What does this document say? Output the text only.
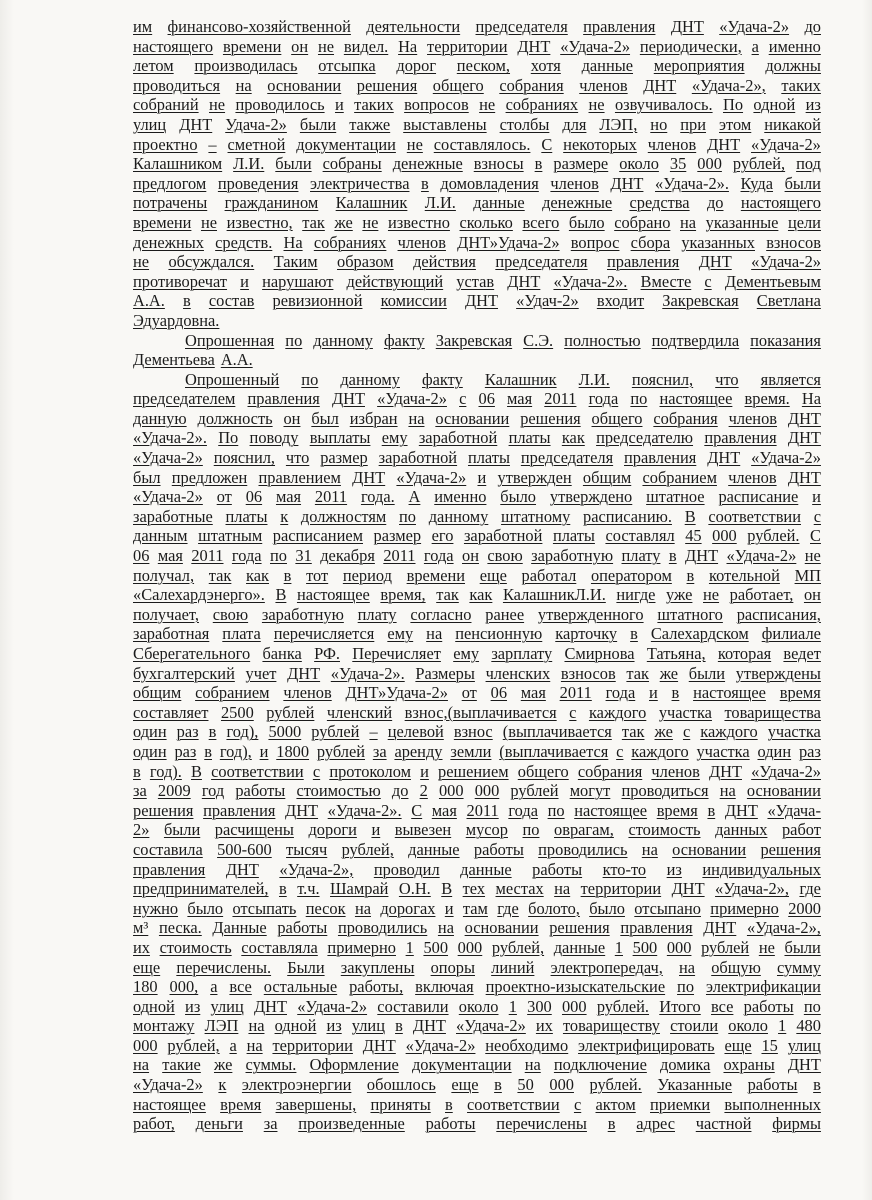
им финансово-хозяйственной деятельности председателя правления ДНТ «Удача-2» до
настоящего времени он не видел. На территории ДНТ «Удача-2» периодически, а именно
летом производилась отсыпка дорог песком, хотя данные мероприятия должны
проводиться на основании решения общего собрания членов ДНТ «Удача-2», таких
собраний не проводилось и таких вопросов не собраниях не озвучивалось. По одной из
улиц ДНТ Удача-2» были также выставлены столбы для ЛЭП, но при этом никакой
проектно – сметной документации не составлялось. С некоторых членов ДНТ «Удача-2»
Калашником Л.И. были собраны денежные взносы в размере около 35 000 рублей, под
предлогом проведения электричества в домовладения членов ДНТ «Удача-2». Куда были
потрачены гражданином Калашник Л.И. данные денежные средства до настоящего
времени не известно, так же не известно сколько всего было собрано на указанные цели
денежных средств. На собраниях членов ДНТ»Удача-2» вопрос сбора указанных взносов
не обсуждался. Таким образом действия председателя правления ДНТ «Удача-2»
противоречат и нарушают действующий устав ДНТ «Удача-2». Вместе с Дементьевым
А.А. в состав ревизионной комиссии ДНТ «Удач-2» входит Закревская Светлана
Эдуардовна.
Опрошенная по данному факту Закревская С.Э. полностью подтвердила показания
Дементьева А.А.
Опрошенный по данному факту Калашник Л.И. пояснил, что является
председателем правления ДНТ «Удача-2» с 06 мая 2011 года по настоящее время. На
данную должность он был избран на основании решения общего собрания членов ДНТ
«Удача-2». По поводу выплаты ему заработной платы как председателю правления ДНТ
«Удача-2» пояснил, что размер заработной платы председателя правления ДНТ «Удача-2»
был предложен правлением ДНТ «Удача-2» и утвержден общим собранием членов ДНТ
«Удача-2» от 06 мая 2011 года. А именно было утверждено штатное расписание и
заработные платы к должностям по данному штатному расписанию. В соответствии с
данным штатным расписанием размер его заработной платы составлял 45 000 рублей. С
06 мая 2011 года по 31 декабря 2011 года он свою заработную плату в ДНТ «Удача-2» не
получал, так как в тот период времени еще работал оператором в котельной МП
«Салехардэнерго». В настоящее время, так как КалашникЛ.И. нигде уже не работает, он
получает, свою заработную плату согласно ранее утвержденного штатного расписания,
заработная плата перечисляется ему на пенсионную карточку в Салехардском филиале
Сберегательного банка РФ. Перечисляет ему зарплату Смирнова Татьяна, которая ведет
бухгалтерский учет ДНТ «Удача-2». Размеры членских взносов так же были утверждены
общим собранием членов ДНТ»Удача-2» от 06 мая 2011 года и в настоящее время
составляет 2500 рублей членский взнос,(выплачивается с каждого участка товарищества
один раз в год), 5000 рублей – целевой взнос (выплачивается так же с каждого участка
один раз в год), и 1800 рублей за аренду земли (выплачивается с каждого участка один раз
в год). В соответствии с протоколом и решением общего собрания членов ДНТ «Удача-2»
за 2009 год работы стоимостью до 2 000 000 рублей могут проводиться на основании
решения правления ДНТ «Удача-2». С мая 2011 года по настоящее время в ДНТ «Удача-
2» были расчищены дороги и вывезен мусор по оврагам, стоимость данных работ
составила 500-600 тысяч рублей, данные работы проводились на основании решения
правления ДНТ «Удача-2», проводил данные работы кто-то из индивидуальных
предпринимателей, в т.ч. Шамрай О.Н. В тех местах на территории ДНТ «Удача-2», где
нужно было отсыпать песок на дорогах и там где болото, было отсыпано примерно 2000
м³ песка. Данные работы проводились на основании решения правления ДНТ «Удача-2»,
их стоимость составляла примерно 1 500 000 рублей, данные 1 500 000 рублей не были
еще перечислены. Были закуплены опоры линий электропередач, на общую сумму
180 000, а все остальные работы, включая проектно-изыскательские по электрификации
одной из улиц ДНТ «Удача-2» составили около 1 300 000 рублей. Итого все работы по
монтажу ЛЭП на одной из улиц в ДНТ «Удача-2» их товариществу стоили около 1 480
000 рублей, а на территории ДНТ «Удача-2» необходимо электрифицировать еще 15 улиц
на такие же суммы. Оформление документации на подключение домика охраны ДНТ
«Удача-2» к электроэнергии обошлось еще в 50 000 рублей. Указанные работы в
настоящее время завершены, приняты в соответствии с актом приемки выполненных
работ, деньги за произведенные работы перечислены в адрес частной фирмы
